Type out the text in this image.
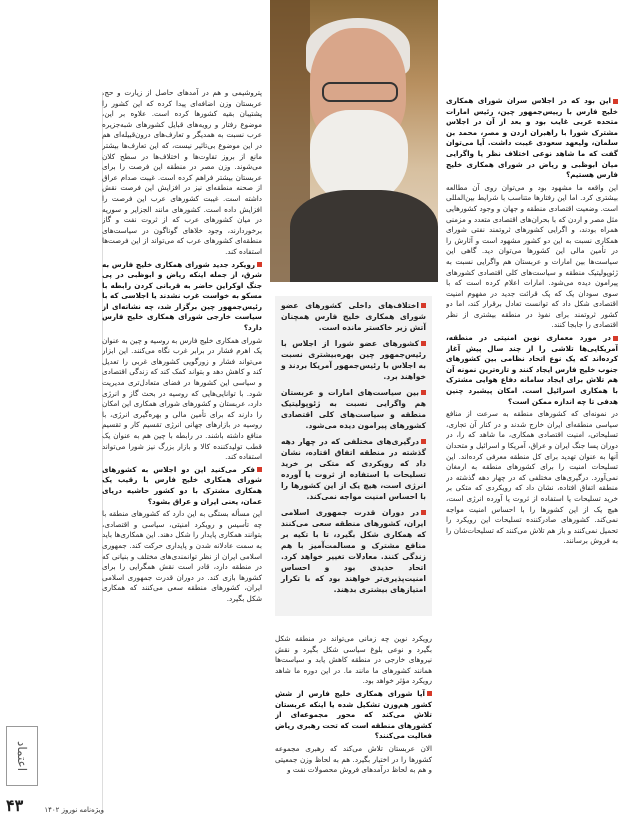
این بود که در اجلاس سران شورای همکاری خلیج فارس با رییس‌جمهور چین، رئیس امارات متحده عربی غایب بود و بعد از آن در اجلاس مشترک شورا با راهبران اردن و مصر، محمد بن سلمان، ولیعهد سعودی غیبت داشت. آیا می‌توان گفت که ما شاهد نوعی اختلاف نظر یا واگرایی میان ابوظبی و ریاض در شورای همکاری خلیج فارس هستیم؟

این واقعه ما مشهود بود و می‌توان روی آن مطالعه بیشتری کرد. اما این رفتارها متناسب با شرایط بین‌المللی است. وضعیت اقتصادی منطقه و جهان و وجود کشورهایی مثل مصر و اردن که با بحران‌های اقتصادی متعدد و مزمنی همراه بودند، و اگرایی کشورهای ثروتمند نفتی شورای همکاری نسبت به این دو کشور مشهود است و آثارش را در تأمین مالی این کشورها می‌توان دید. گاهی این سیاست‌ها بین امارات و عربستان هم واگرایی نسبت به ژئوپولیتیک منطقه و سیاست‌های کلی اقتصادی کشورهای پیرامون دیده می‌شود. امارات اعلام کرده است که با سوی سودان یک که پک قرائت جدید در مفهوم امنیت اقتصادی شکل داد که توانست تعادل برقرار کند، اما دو کشور ثروتمند برای نفوذ در منطقه بیشتری از نظر اقتصادی را جابجا کنند.

در مورد معماری نوین امنیتی در منطقه، آمریکایی‌ها تلاشی را از چند سال پیش آغاز کرده‌اند که یک نوع اتحاد نظامی بین کشورهای جنوب خلیج فارس ایجاد کنند و تازه‌ترین نمونه آن هم تلاش برای ایجاد سامانه دفاع هوایی مشترک با همکاری اسرائیل است. امکان پیشبرد چنین هدفی تا چه اندازه ممکن است؟

در نمونه‌ای که کشورهای منطقه به سرعت از منافع سیاسی منطقه‌ای ایران خارج شدند و در کنار آن تجاری، تسلیحاتی، امنیت اقتصادی همکاری، ما شاهد که را، در دوران پسا جنگ ایران و عراق، آمریکا و اسرائیل و متحدان آنها به عنوان تهدید برای کل منطقه معرفی کرده‌اند. این تسلیحات امنیت را برای کشورهای منطقه به ارمغان نمی‌آورد. درگیری‌های مختلفی که در چهار دهه گذشته در منطقه اتفاق افتاده، نشان داد که رویکردی که متکی بر خرید تسلیحات یا استفاده از ثروت یا آورده انرژی است، هیچ یک از این کشورها را با احساس امنیت مواجه نمی‌کند. کشورهای صادرکننده تسلیحات این رویکرد را تحمیل نمی‌کنند و باز هم تلاش می‌کنند که تسلیحات‌شان را به فروش برسانند.

اختلاف‌های داخلی کشورهای عضو شورای همکاری خلیج فارس همچنان آتش زیر خاکستر مانده است.

کشورهای عضو شورا از اجلاس با رئیس‌جمهور چین بهره‌بیشتری نسبت به اجلاس با رئیس‌جمهور آمریکا بردند و خواهند برد.

بین سیاست‌های امارات و عربستان هم واگرایی نسبت به ژئوپولیتیک منطقه و سیاست‌های کلی اقتصادی کشورهای پیرامون دیده می‌شود.

درگیری‌های مختلفی که در چهار دهه گذشته در منطقه اتفاق افتاده، نشان داد که رویکردی که متکی بر خرید تسلیحات با استفاده از ثروت یا آورده انرژی است، هیچ یک از این کشورها را با احساس امنیت مواجه نمی‌کند.

در دوران قدرت جمهوری اسلامی ایران، کشورهای منطقه سعی می‌کنند که همکاری شکل بگیرد، تا با تکیه بر منافع مشترک و مسالمت‌آمیز با هم زندگی کنند. معادلات تغییر خواهد کرد. اتحاد حدیدی بود و احساس امنیت‌پذیری‌تر خواهند بود که با تکرار امتیازهای بیشتری بدهند.

رویکرد نوین چه زمانی می‌تواند در منطقه شکل بگیرد و نوعی بلوغ سیاسی شکل بگیرد و نقش نیروهای خارجی در منطقه کاهش یابد و سیاست‌ها همانند کشورهای ما مانند ما. در این دوره ما شاهد رویکرد مؤثر خواهد بود.

آیا شورای همکاری خلیج فارس از شش کشور هم‌وزن تشکیل شده یا اینکه عربستان تلاش می‌کند که محور مجموعه‌ای از کشورهای منطقه است که تحت رهبری ریاض فعالیت می‌کنند؟

الان عربستان تلاش می‌کند که رهبری مجموعه کشورها را در اختیار بگیرد. هم به لحاظ وزن جمعیتی و هم به لحاظ درآمدهای فروش محصولات نفت و

پتروشیمی و هم در آمدهای حاصل از زیارت و حج، عربستان وزن اضافه‌ای پیدا کرده که این کشور را پشتیبان بقیه کشورها کرده است. علاوه بر این، موضوع رفتار و رویه‌های قبایل کشورهای شبه‌جزیره عرب نسبت به همدیگر و تعارف‌های درون‌قبیله‌ای هم در این موضوع بی‌تاثیر نیست، که این تعارف‌ها بیشتر مانع از بروز تفاوت‌ها و اختلاف‌ها در سطح کلان می‌شوند. وزن مصر در منطقه این فرصت را برای عربستان بیشتر فراهم کرده است. غیبت صدام عراق از صحنه منطقه‌ای نیز در افزایش این فرصت نقش داشته است. غیبت کشورهای عرب این فرصت را افزایش داده است. کشورهای مانند الجزایر و سوریه در میان کشورهای عرب که از ثروت نفت و گاز برخوردارند، وجود خلاهای گوناگون در سیاست‌های منطقه‌ای کشورهای عرب که می‌تواند از این فرصت‌ها استفاده کند.

رویکرد جدید شورای همکاری خلیج فارس به شرق، از جمله اینکه ریاض و ابوظبی در پی جنگ اوکراین حاضر به قربانی کردن رابطه با مسکو به خواست غرب نشدند یا اجلاسی که با رئیس‌جمهور چین برگزار شد، چه نشانه‌ای از سیاست خارجی شورای همکاری خلیج فارس دارد؟

شورای همکاری خلیج فارس به روسیه و چین به عنوان یک اهرم فشار در برابر غرب نگاه می‌کنند. این ابزار می‌تواند فشار و زورگویی کشورهای غربی را تعدیل کند و کاهش دهد و بتواند کمک کند که زندگی اقتصادی و سیاسی این کشورها در فضای متعادل‌تری مدیریت شود. با توانایی‌هایی که روسیه در بحث گاز و انرژی دارد، عربستان و کشورهای شورای همکاری این امکان را دارند که برای تأمین مالی و بهره‌گیری انرژی، با روسیه در بازارهای جهانی انرژی تقسیم کار و تقسیم منافع داشته باشند. در رابطه با چین هم به عنوان یک قطب تولیدکننده کالا و بازار بزرگ نیز شورا می‌تواند استفاده کند.

فکر می‌کنید این دو اجلاس به کشورهای شورای همکاری خلیج فارس با رقیب یک همکاری مشترک با دو کشور حاشیه دریای عمان، یعنی ایران و عراق بشود؟

این مسأله بستگی به این دارد که کشورهای منطقه با چه تأسیس و رویکرد امنیتی، سیاسی و اقتصادی، بتوانند همکاری پایدار را شکل دهند. این همکاری‌ها باید به سمت عادلانه شدن و پایداری حرکت کند. جمهوری اسلامی ایران از نظر توانمندی‌های مختلف و بنیانی که در منطقه دارد، قادر است نقش همگرایی را برای کشورها بازی کند. در دوران قدرت جمهوری اسلامی ایران، کشورهای منطقه سعی می‌کنند که همکاری شکل بگیرد.

اعتماد
۴۳	ویژه‌نامه نوروز ۱۴۰۲
